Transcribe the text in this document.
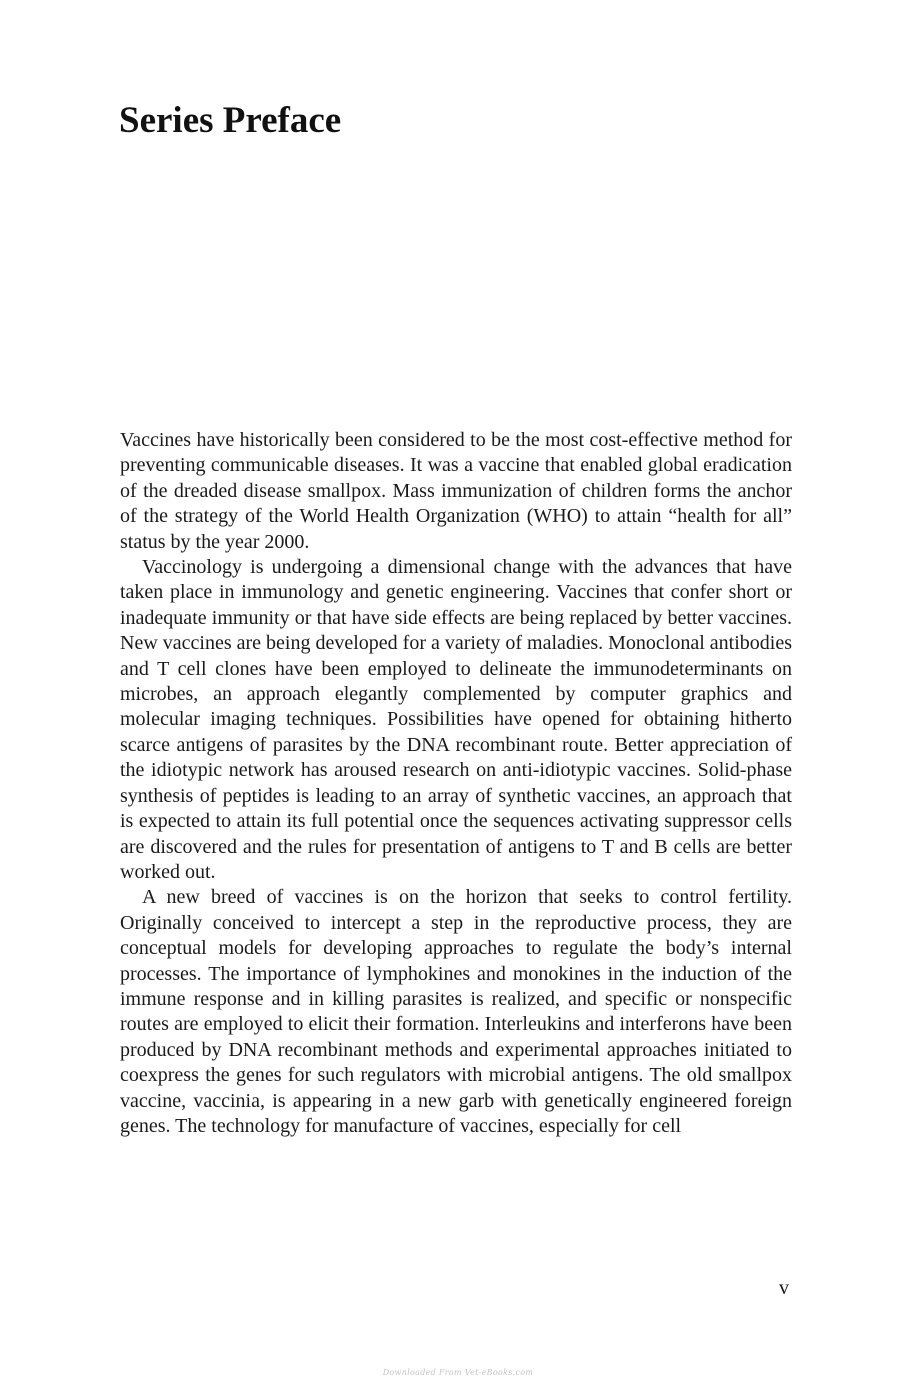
Series Preface

Vaccines have historically been considered to be the most cost-effective method for preventing communicable diseases. It was a vaccine that enabled global eradication of the dreaded disease smallpox. Mass immunization of children forms the anchor of the strategy of the World Health Organization (WHO) to attain “health for all” status by the year 2000.

Vaccinology is undergoing a dimensional change with the advances that have taken place in immunology and genetic engineering. Vaccines that confer short or inadequate immunity or that have side effects are being replaced by better vaccines. New vaccines are being developed for a variety of maladies. Monoclonal antibodies and T cell clones have been employed to delineate the immunodeterminants on microbes, an approach elegantly complemented by computer graphics and molecular imaging techniques. Possibilities have opened for obtaining hitherto scarce antigens of parasites by the DNA recombinant route. Better appreciation of the idiotypic network has aroused research on anti-idiotypic vaccines. Solid-phase synthesis of peptides is leading to an array of synthetic vaccines, an approach that is expected to attain its full potential once the sequences activating suppressor cells are discovered and the rules for presentation of antigens to T and B cells are better worked out.

A new breed of vaccines is on the horizon that seeks to control fertility. Originally conceived to intercept a step in the reproductive process, they are conceptual models for developing approaches to regulate the body’s internal processes. The importance of lymphokines and monokines in the induction of the immune response and in killing parasites is realized, and specific or nonspecific routes are employed to elicit their formation. Interleukins and interferons have been produced by DNA recombinant methods and experimental approaches initiated to coexpress the genes for such regulators with microbial antigens. The old smallpox vaccine, vaccinia, is appearing in a new garb with genetically engineered foreign genes. The technology for manufacture of vaccines, especially for cell

v
Downloaded From Vet-eBooks.com
